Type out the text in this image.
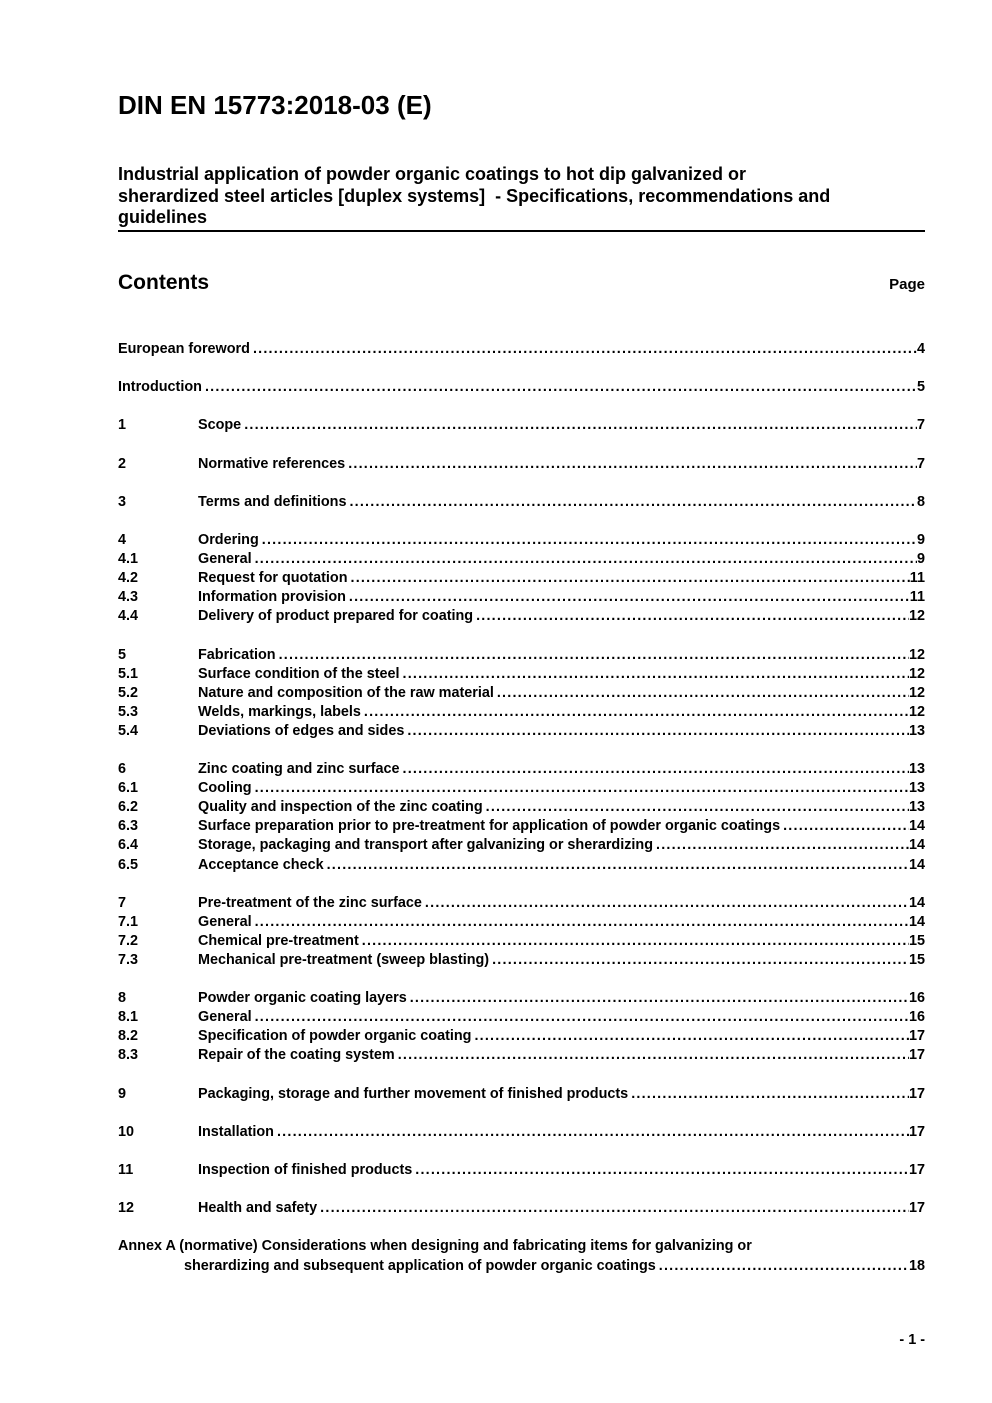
DIN EN 15773:2018-03 (E)
Industrial application of powder organic coatings to hot dip galvanized or
sherardized steel articles [duplex systems]  - Specifications, recommendations and
guidelines
Contents	Page
European foreword .....	4
Introduction .....	5
1	Scope .....	7
2	Normative references .....	7
3	Terms and definitions .....	8
4	Ordering .....	9
4.1	General .....	9
4.2	Request for quotation .....	11
4.3	Information provision .....	11
4.4	Delivery of product prepared for coating .....	12
5	Fabrication .....	12
5.1	Surface condition of the steel .....	12
5.2	Nature and composition of the raw material .....	12
5.3	Welds, markings, labels .....	12
5.4	Deviations of edges and sides .....	13
6	Zinc coating and zinc surface .....	13
6.1	Cooling .....	13
6.2	Quality and inspection of the zinc coating .....	13
6.3	Surface preparation prior to pre-treatment for application of powder organic coatings .....	14
6.4	Storage, packaging and transport after galvanizing or sherardizing .....	14
6.5	Acceptance check .....	14
7	Pre-treatment of the zinc surface .....	14
7.1	General .....	14
7.2	Chemical pre-treatment .....	15
7.3	Mechanical pre-treatment (sweep blasting) .....	15
8	Powder organic coating layers .....	16
8.1	General .....	16
8.2	Specification of powder organic coating .....	17
8.3	Repair of the coating system .....	17
9	Packaging, storage and further movement of finished products .....	17
10	Installation .....	17
11	Inspection of finished products .....	17
12	Health and safety .....	17
Annex A (normative) Considerations when designing and fabricating items for galvanizing or
sherardizing and subsequent application of powder organic coatings .....	18
- 1 -
